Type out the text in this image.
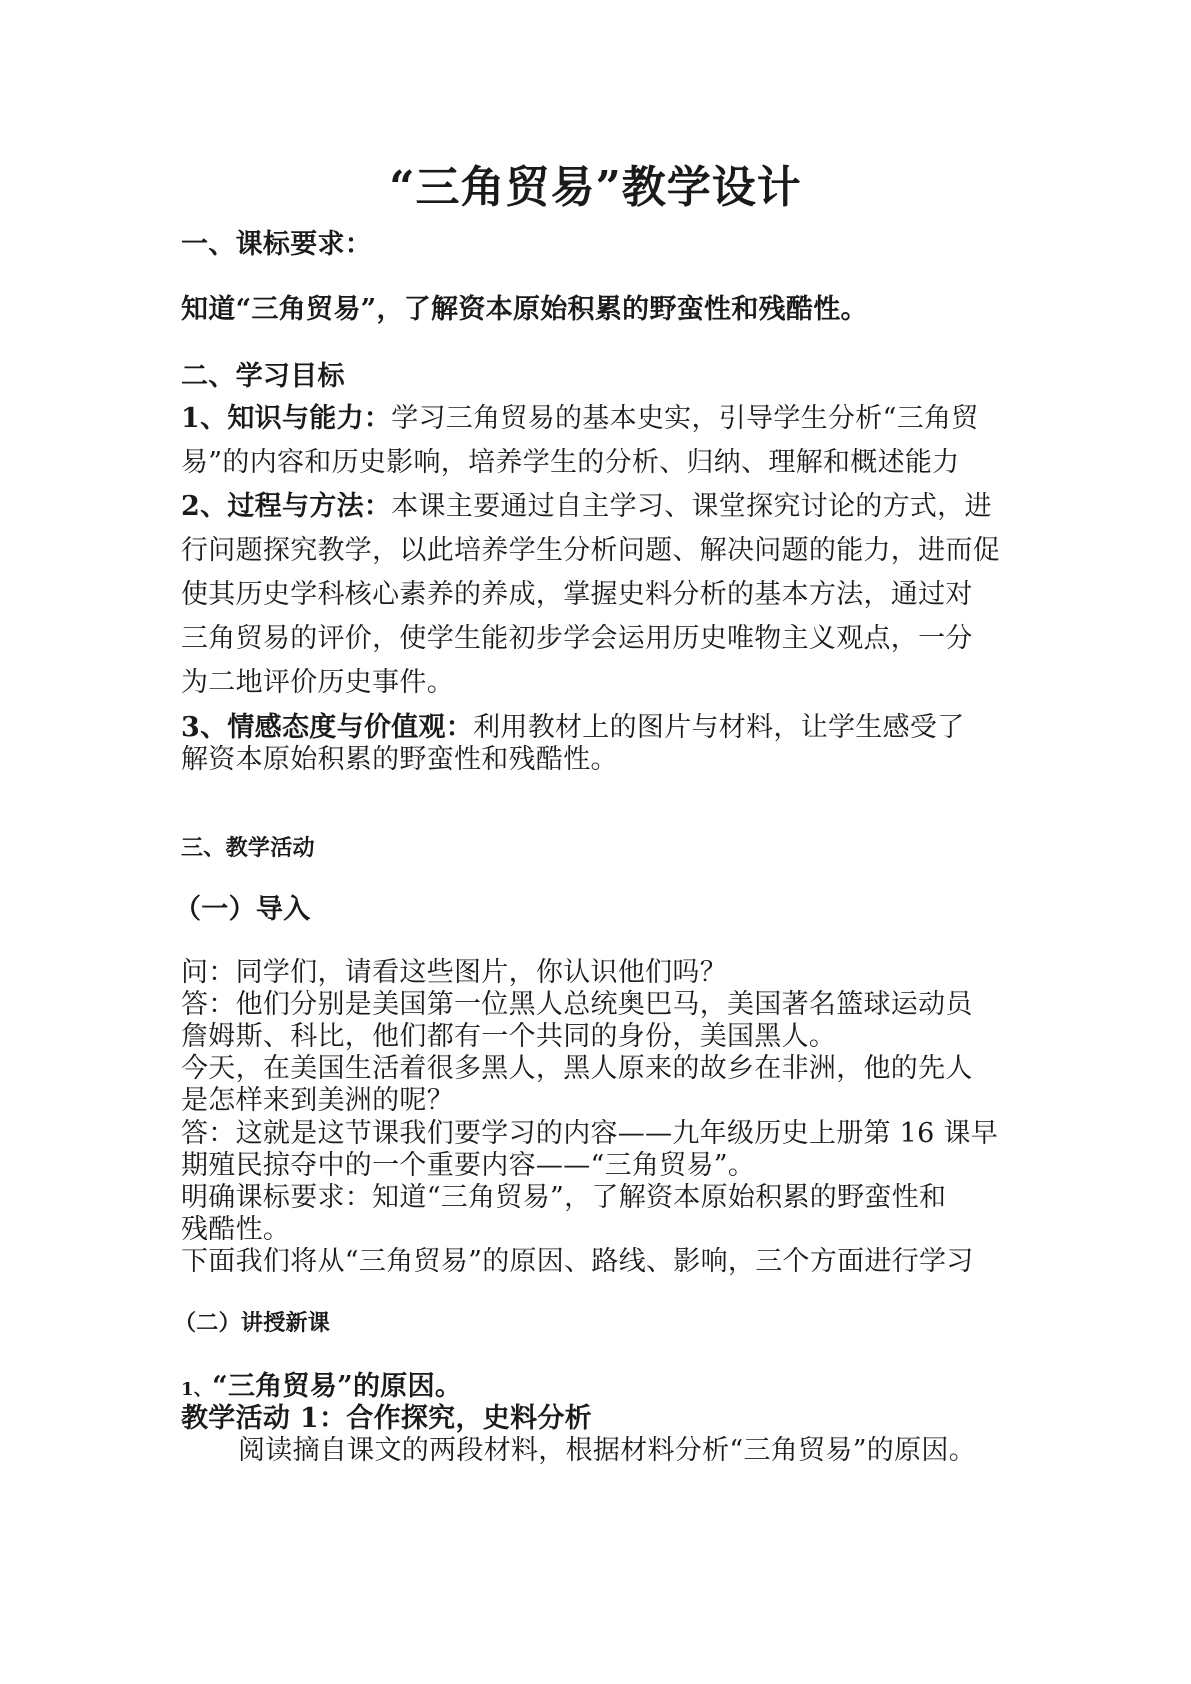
“三角贸易”教学设计
一、课标要求：
知道“三角贸易”，了解资本原始积累的野蛮性和残酷性。
二、学习目标
1、知识与能力：学习三角贸易的基本史实，引导学生分析“三角贸
易”的内容和历史影响，培养学生的分析、归纳、理解和概述能力
2、过程与方法：本课主要通过自主学习、课堂探究讨论的方式，进
行问题探究教学，以此培养学生分析问题、解决问题的能力，进而促
使其历史学科核心素养的养成，掌握史料分析的基本方法，通过对
三角贸易的评价，使学生能初步学会运用历史唯物主义观点，一分
为二地评价历史事件。
3、情感态度与价值观：利用教材上的图片与材料，让学生感受了
解资本原始积累的野蛮性和残酷性。
三、教学活动
（一）导入
问：同学们，请看这些图片，你认识他们吗？
答：他们分别是美国第一位黑人总统奥巴马，美国著名篮球运动员
詹姆斯、科比，他们都有一个共同的身份，美国黑人。
今天，在美国生活着很多黑人，黑人原来的故乡在非洲，他的先人
是怎样来到美洲的呢？
答：这就是这节课我们要学习的内容——九年级历史上册第 16 课早
期殖民掠夺中的一个重要内容——“三角贸易”。
明确课标要求：知道“三角贸易”，了解资本原始积累的野蛮性和
残酷性。
下面我们将从“三角贸易”的原因、路线、影响，三个方面进行学习
（二）讲授新课
1、“三角贸易”的原因。
教学活动 1：合作探究，史料分析
阅读摘自课文的两段材料，根据材料分析“三角贸易”的原因。
